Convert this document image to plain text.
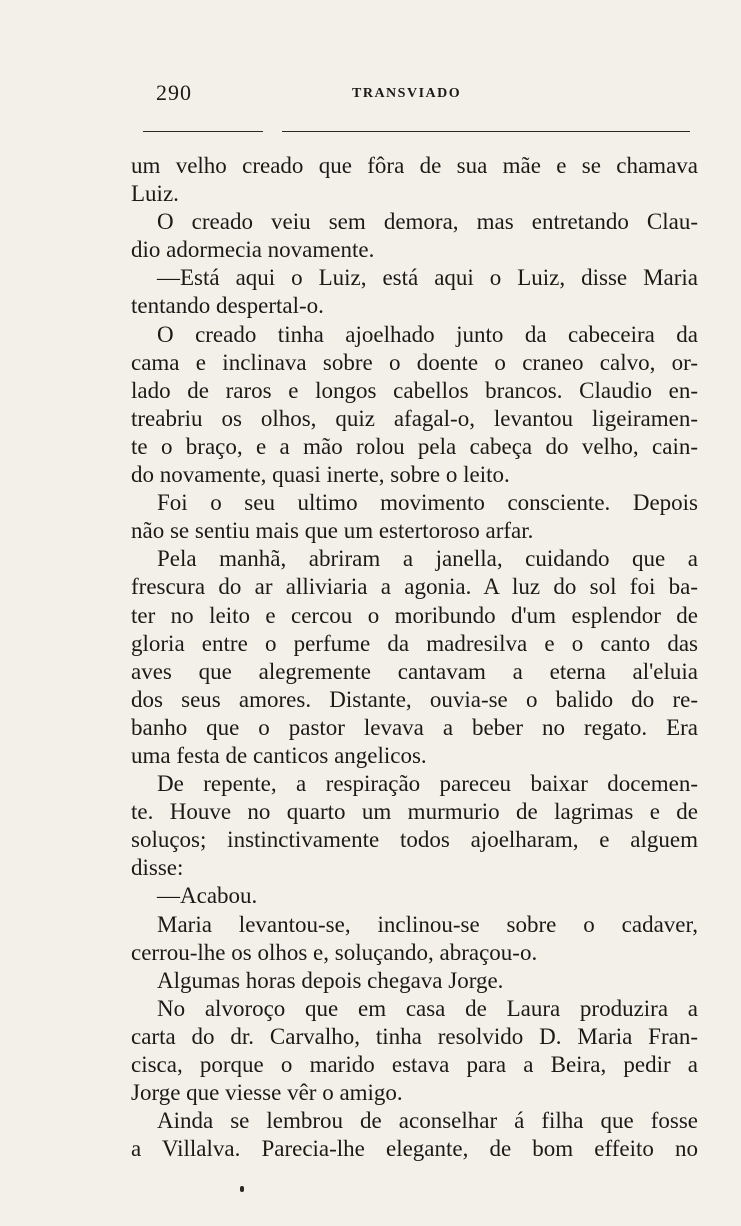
290	TRANSVIADO
um velho creado que fôra de sua mãe e se chamava
Luiz.
O creado veiu sem demora, mas entretando Clau-
dio adormecia novamente.
—Está aqui o Luiz, está aqui o Luiz, disse Maria
tentando despertal-o.
O creado tinha ajoelhado junto da cabeceira da
cama e inclinava sobre o doente o craneo calvo, or-
lado de raros e longos cabellos brancos. Claudio en-
treabriu os olhos, quiz afagal-o, levantou ligeiramen-
te o braço, e a mão rolou pela cabeça do velho, cain-
do novamente, quasi inerte, sobre o leito.
Foi o seu ultimo movimento consciente. Depois
não se sentiu mais que um estertoroso arfar.
Pela manhã, abriram a janella, cuidando que a
frescura do ar alliviaria a agonia. A luz do sol foi ba-
ter no leito e cercou o moribundo d'um esplendor de
gloria entre o perfume da madresilva e o canto das
aves que alegremente cantavam a eterna al'eluia
dos seus amores. Distante, ouvia-se o balido do re-
banho que o pastor levava a beber no regato. Era
uma festa de canticos angelicos.
De repente, a respiração pareceu baixar docemen-
te. Houve no quarto um murmurio de lagrimas e de
soluços; instinctivamente todos ajoelharam, e alguem
disse:
—Acabou.
Maria levantou-se, inclinou-se sobre o cadaver,
cerrou-lhe os olhos e, soluçando, abraçou-o.
Algumas horas depois chegava Jorge.
No alvoroço que em casa de Laura produzira a
carta do dr. Carvalho, tinha resolvido D. Maria Fran-
cisca, porque o marido estava para a Beira, pedir a
Jorge que viesse vêr o amigo.
Ainda se lembrou de aconselhar á filha que fosse
a Villalva. Parecia-lhe elegante, de bom effeito no
